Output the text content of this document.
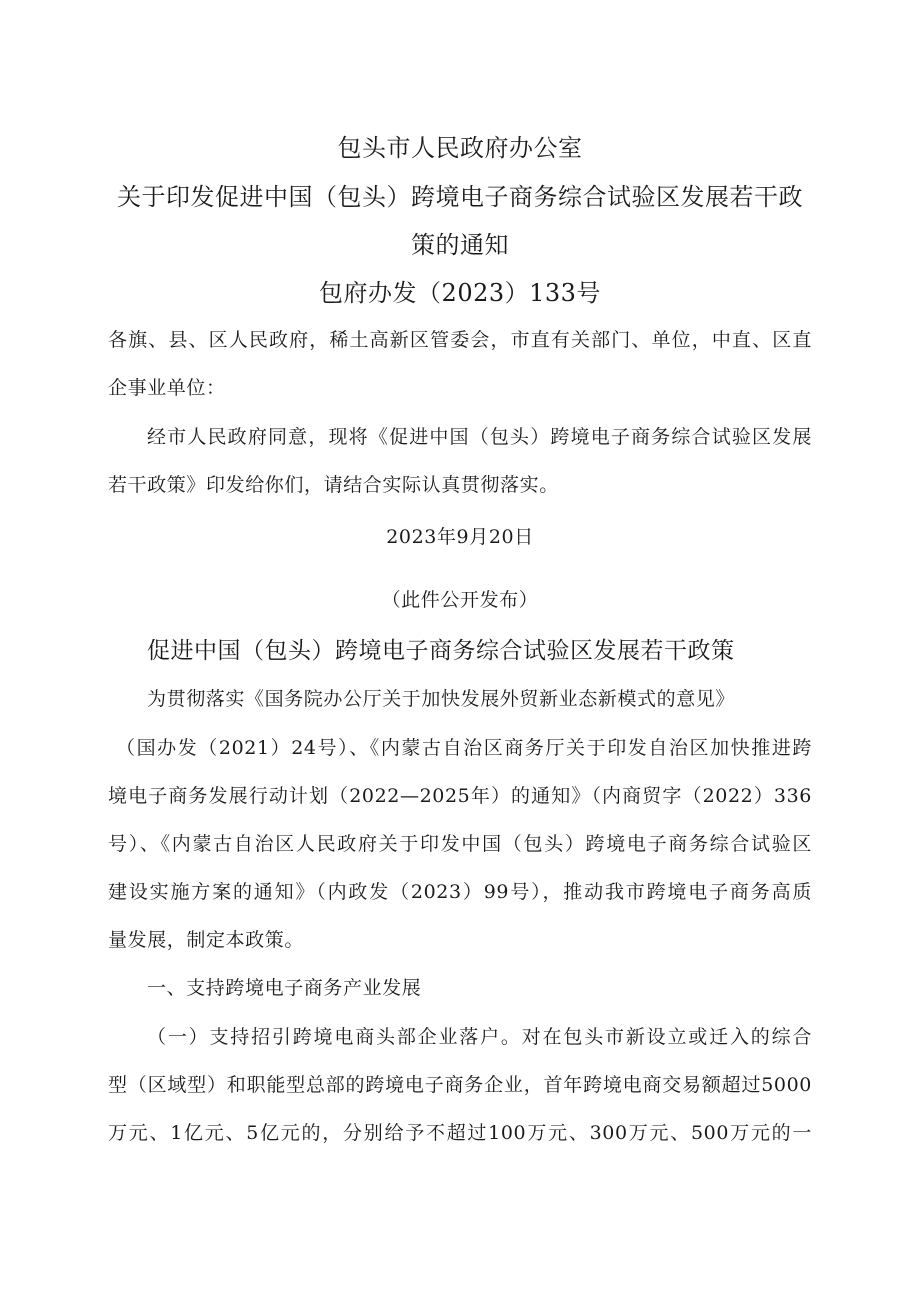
包头市人民政府办公室

关于印发促进中国（包头）跨境电子商务综合试验区发展若干政

策的通知

包府办发（2023）133号

各旗、县、区人民政府，稀土高新区管委会，市直有关部门、单位，中直、区直

企事业单位：

经市人民政府同意，现将《促进中国（包头）跨境电子商务综合试验区发展

若干政策》印发给你们，请结合实际认真贯彻落实。

2023年9月20日

（此件公开发布）

促进中国（包头）跨境电子商务综合试验区发展若干政策

为贯彻落实《国务院办公厅关于加快发展外贸新业态新模式的意见》

（国办发（2021）24号）、《内蒙古自治区商务厅关于印发自治区加快推进跨

境电子商务发展行动计划（2022—2025年）的通知》（内商贸字（2022）336

号）、《内蒙古自治区人民政府关于印发中国（包头）跨境电子商务综合试验区

建设实施方案的通知》（内政发（2023）99号），推动我市跨境电子商务高质

量发展，制定本政策。

一、支持跨境电子商务产业发展

（一）支持招引跨境电商头部企业落户。对在包头市新设立或迁入的综合

型（区域型）和职能型总部的跨境电子商务企业，首年跨境电商交易额超过5000

万元、1亿元、5亿元的，分别给予不超过100万元、300万元、500万元的一
